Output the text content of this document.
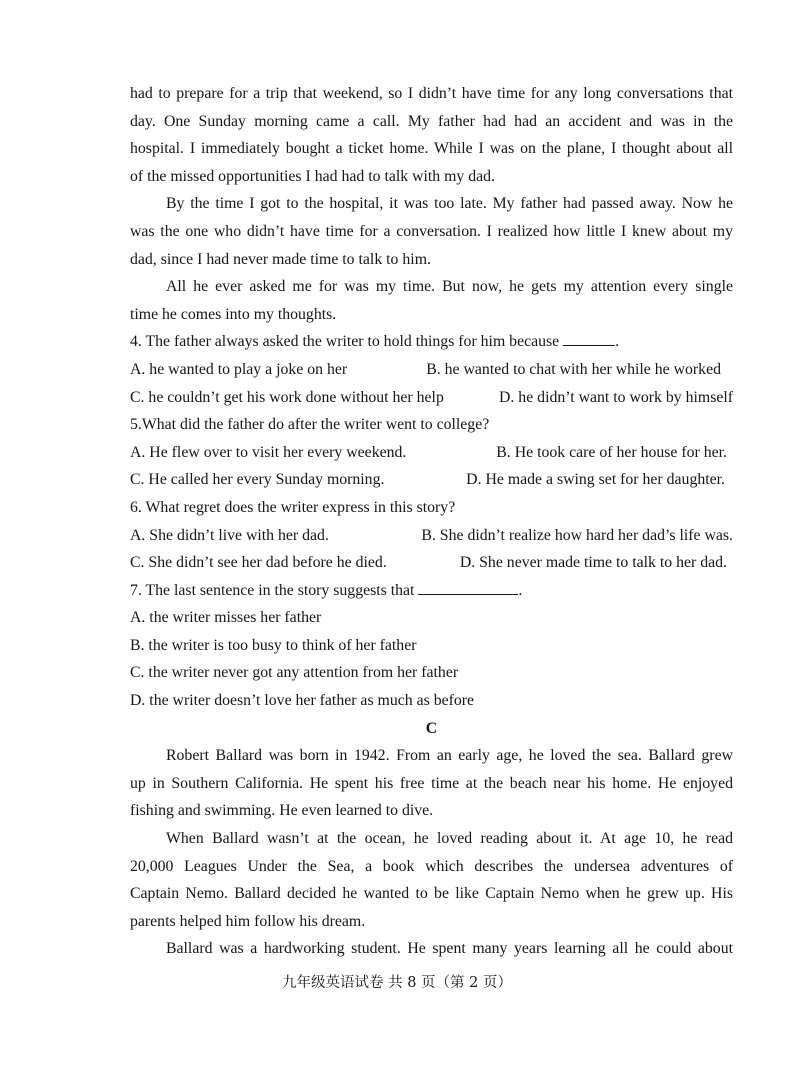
had to prepare for a trip that weekend, so I didn’t have time for any long conversations that
day. One Sunday morning came a call. My father had had an accident and was in the
hospital. I immediately bought a ticket home. While I was on the plane, I thought about all
of the missed opportunities I had had to talk with my dad.
By the time I got to the hospital, it was too late. My father had passed away. Now he
was the one who didn’t have time for a conversation. I realized how little I knew about my
dad, since I had never made time to talk to him.
All he ever asked me for was my time. But now, he gets my attention every single
time he comes into my thoughts.
4. The father always asked the writer to hold things for him because	.
A. he wanted to play a joke on her	B. he wanted to chat with her while he worked
C. he couldn’t get his work done without her help	D. he didn’t want to work by himself
5.What did the father do after the writer went to college?
A. He flew over to visit her every weekend.	B. He took care of her house for her.
C. He called her every Sunday morning.	D. He made a swing set for her daughter.
6. What regret does the writer express in this story?
A. She didn’t live with her dad.	B. She didn’t realize how hard her dad’s life was.
C. She didn’t see her dad before he died.	D. She never made time to talk to her dad.
7. The last sentence in the story suggests that	.
A. the writer misses her father
B. the writer is too busy to think of her father
C. the writer never got any attention from her father
D. the writer doesn’t love her father as much as before
C
Robert Ballard was born in 1942. From an early age, he loved the sea. Ballard grew
up in Southern California. He spent his free time at the beach near his home. He enjoyed
fishing and swimming. He even learned to dive.
When Ballard wasn’t at the ocean, he loved reading about it. At age 10, he read
20,000 Leagues Under the Sea, a book which describes the undersea adventures of
Captain Nemo. Ballard decided he wanted to be like Captain Nemo when he grew up. His
parents helped him follow his dream.
Ballard was a hardworking student. He spent many years learning all he could about
九年级英语试卷 共 8 页（第 2 页）
